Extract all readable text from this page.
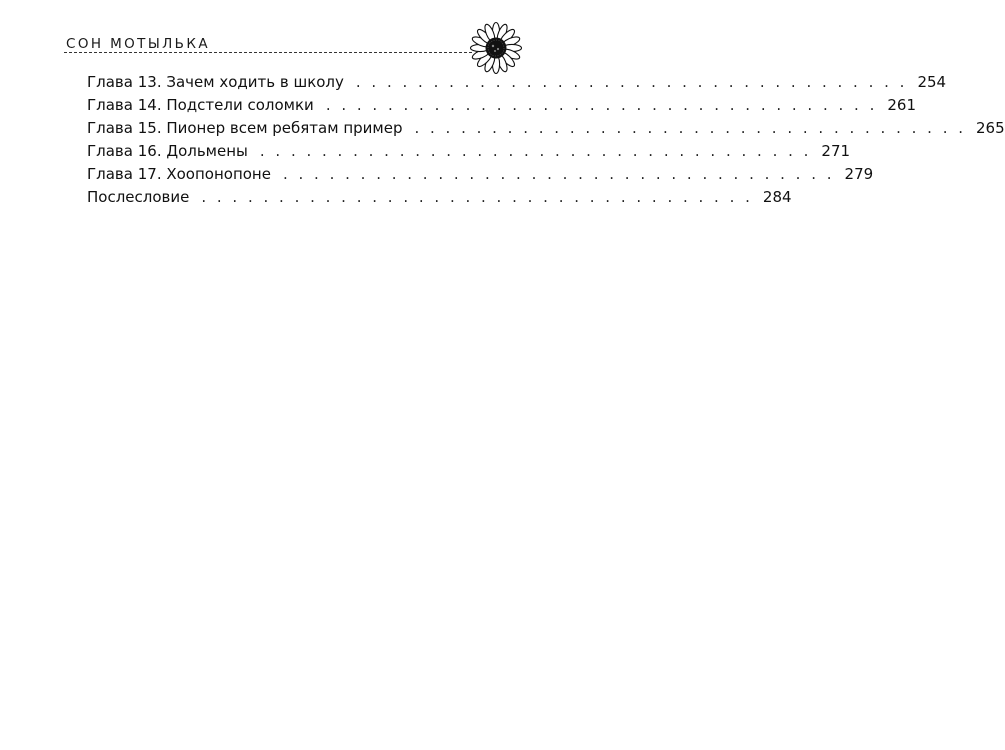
СОН МОТЫЛЬКА
Глава 13. Зачем ходить в школу . . . . . . . . . . . . . . . . . . . . . . . . . . . . . . . . . . . . 254
Глава 14. Подстели соломки . . . . . . . . . . . . . . . . . . . . . . . . . . . . . . . . . . . . 261
Глава 15. Пионер всем ребятам пример . . . . . . . . . . . . . . . . . . . . . . . . . . . . . . . . . . . . 265
Глава 16. Дольмены . . . . . . . . . . . . . . . . . . . . . . . . . . . . . . . . . . . . 271
Глава 17. Хоопонопоне . . . . . . . . . . . . . . . . . . . . . . . . . . . . . . . . . . . . 279
Послесловие . . . . . . . . . . . . . . . . . . . . . . . . . . . . . . . . . . . . 284
